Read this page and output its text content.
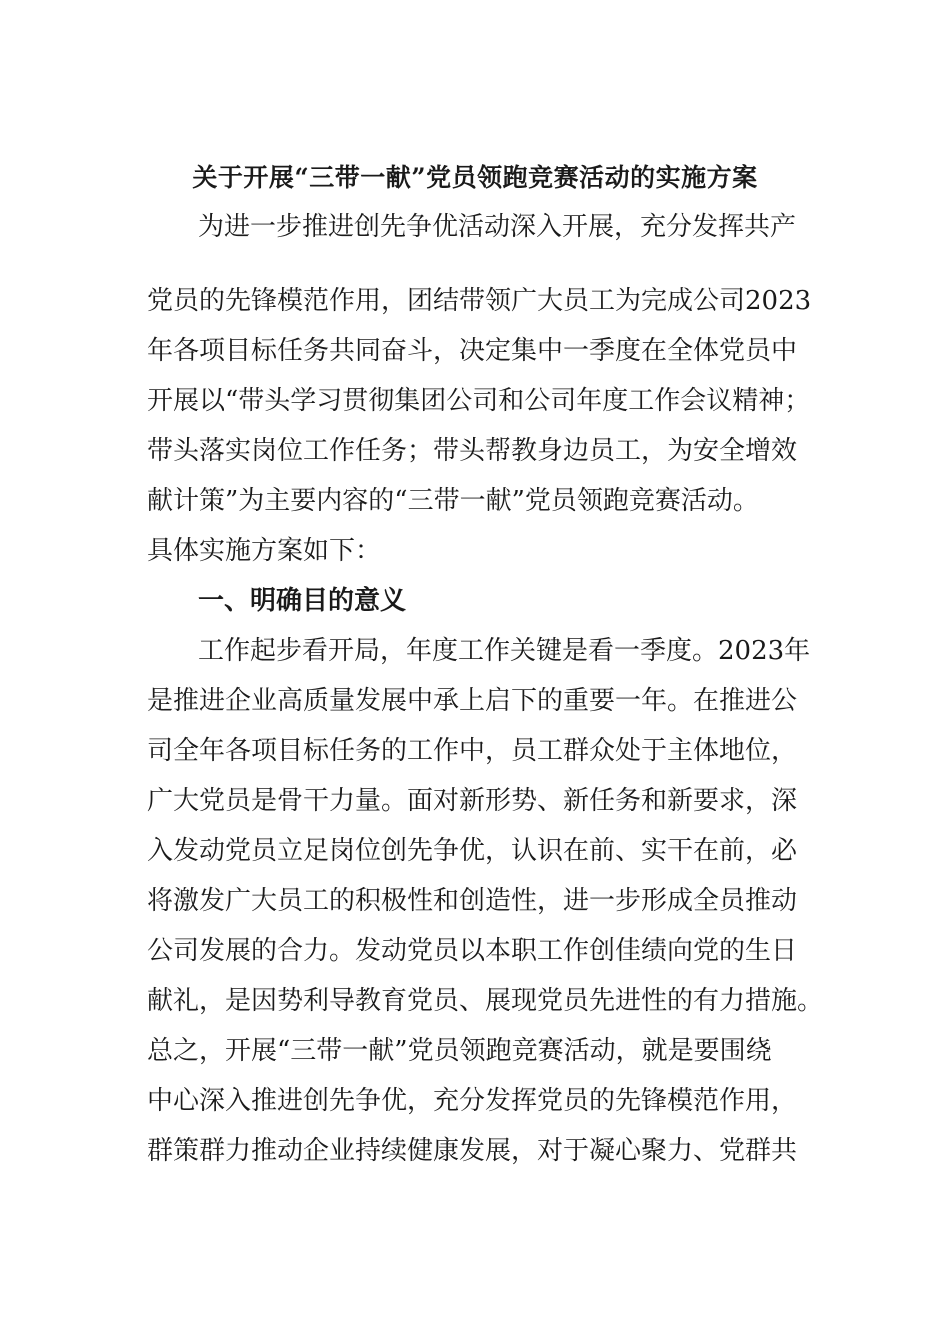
关于开展“三带一献”党员领跑竞赛活动的实施方案
为进一步推进创先争优活动深入开展，充分发挥共产
党员的先锋模范作用，团结带领广大员工为完成公司2023
年各项目标任务共同奋斗，决定集中一季度在全体党员中
开展以“带头学习贯彻集团公司和公司年度工作会议精神；
带头落实岗位工作任务；带头帮教身边员工，为安全增效
献计策”为主要内容的“三带一献”党员领跑竞赛活动。
具体实施方案如下：
一、明确目的意义
工作起步看开局，年度工作关键是看一季度。2023年
是推进企业高质量发展中承上启下的重要一年。在推进公
司全年各项目标任务的工作中，员工群众处于主体地位，
广大党员是骨干力量。面对新形势、新任务和新要求，深
入发动党员立足岗位创先争优，认识在前、实干在前，必
将激发广大员工的积极性和创造性，进一步形成全员推动
公司发展的合力。发动党员以本职工作创佳绩向党的生日
献礼，是因势利导教育党员、展现党员先进性的有力措施。
总之，开展“三带一献”党员领跑竞赛活动，就是要围绕
中心深入推进创先争优，充分发挥党员的先锋模范作用，
群策群力推动企业持续健康发展，对于凝心聚力、党群共
